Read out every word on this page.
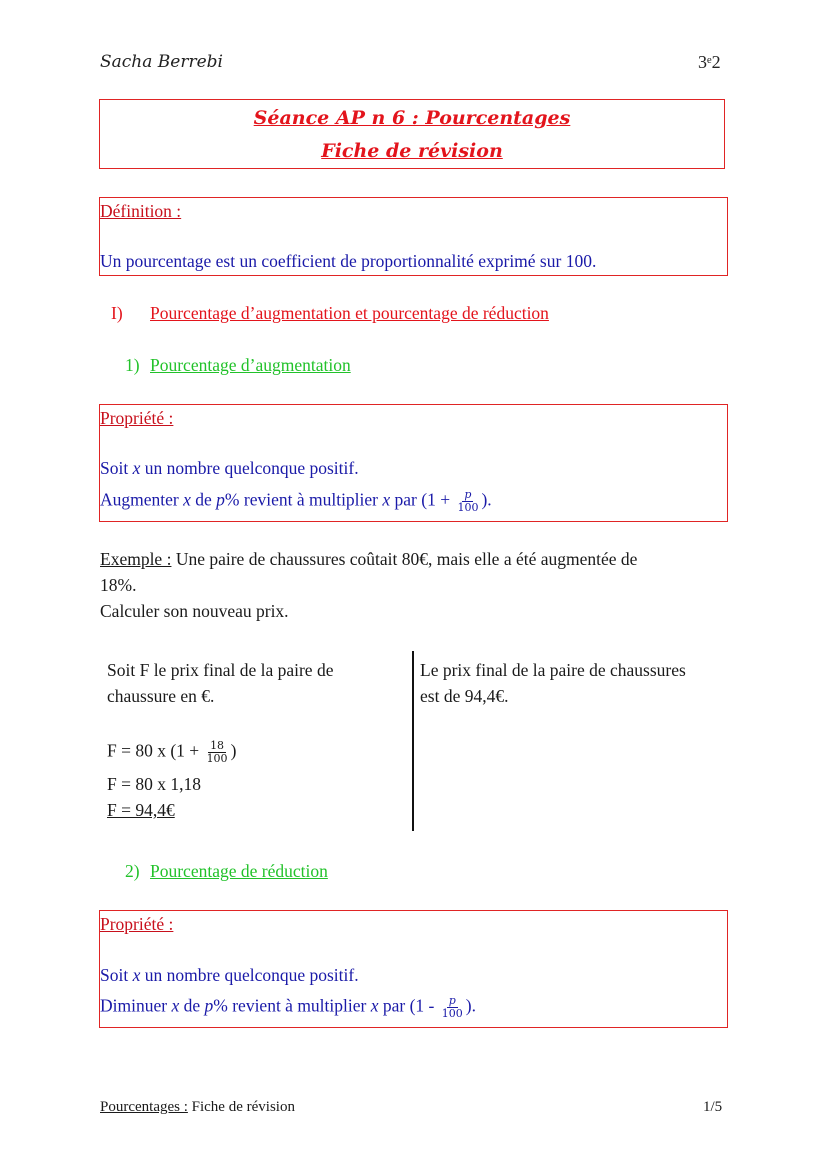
Sacha Berrebi	3ᵉ2
Séance AP n 6 : Pourcentages
Fiche de révision
Définition :
Un pourcentage est un coefficient de proportionnalité exprimé sur 100.
I) Pourcentage d’augmentation et pourcentage de réduction
1) Pourcentage d’augmentation
Propriété :
Soit x un nombre quelconque positif.
Augmenter x de p% revient à multiplier x par ($1 + \frac{p}{100}$ ).
Exemple : Une paire de chaussures coûtait 80€, mais elle a été augmentée de
18%.
Calculer son nouveau prix.
Soit F le prix final de la paire de
chaussure en €.
F = 80 x ($1 + \frac{18}{100}$ )
F = 80 x 1,18
F = 94,4€
Le prix final de la paire de chaussures
est de 94,4€.
2) Pourcentage de réduction
Propriété :
Soit x un nombre quelconque positif.
Diminuer x de p% revient à multiplier x par ($1 - \frac{p}{100}$ ).
Pourcentages : Fiche de révision	1/5
